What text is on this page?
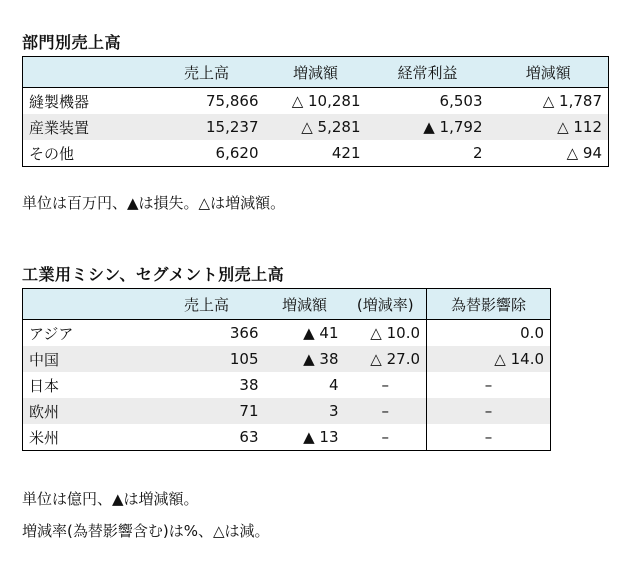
部門別売上高
	売上高	増減額	経常利益	増減額
縫製機器	75,866	△ 10,281	6,503	△ 1,787
産業装置	15,237	△ 5,281	▲ 1,792	△ 112
その他	6,620	421	2	△ 94
単位は百万円、▲は損失。△は増減額。
工業用ミシン、セグメント別売上高
	売上高	増減額	(増減率)	為替影響除
アジア	366	▲ 41	△ 10.0	0.0
中国	105	▲ 38	△ 27.0	△ 14.0
日本	38	4	–	–
欧州	71	3	–	–
米州	63	▲ 13	–	–
単位は億円、▲は増減額。
増減率(為替影響含む)は%、△は減。
